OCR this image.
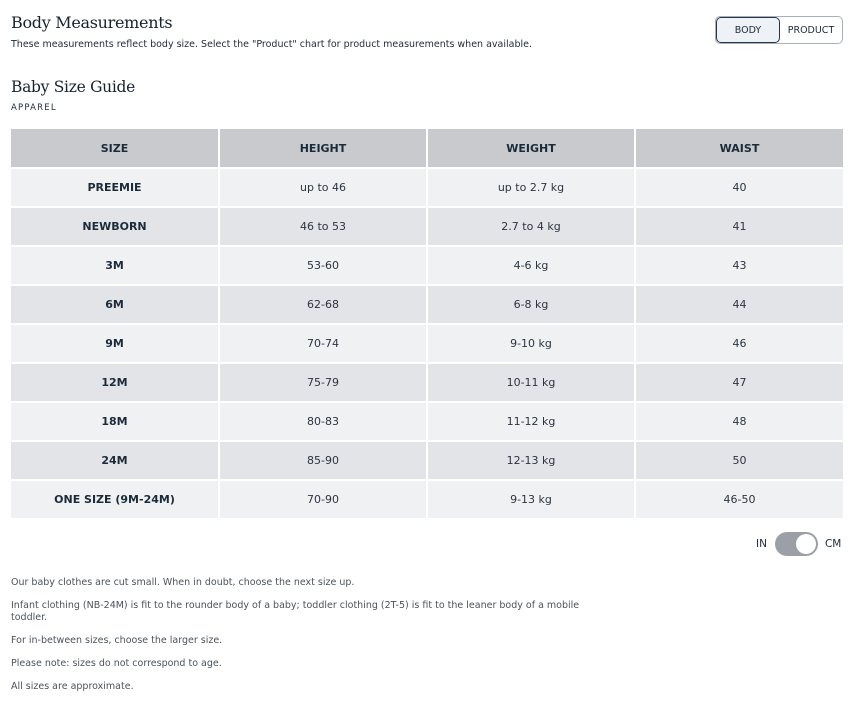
Body Measurements
These measurements reflect body size. Select the "Product" chart for product measurements when available.
BODY	PRODUCT
Baby Size Guide
APPAREL
SIZE	HEIGHT	WEIGHT	WAIST
PREEMIE	up to 46	up to 2.7 kg	40
NEWBORN	46 to 53	2.7 to 4 kg	41
3M	53-60	4-6 kg	43
6M	62-68	6-8 kg	44
9M	70-74	9-10 kg	46
12M	75-79	10-11 kg	47
18M	80-83	11-12 kg	48
24M	85-90	12-13 kg	50
ONE SIZE (9M-24M)	70-90	9-13 kg	46-50
IN	CM

Our baby clothes are cut small. When in doubt, choose the next size up.

Infant clothing (NB-24M) is fit to the rounder body of a baby; toddler clothing (2T-5) is fit to the leaner body of a mobile toddler.

For in-between sizes, choose the larger size.

Please note: sizes do not correspond to age.

All sizes are approximate.
